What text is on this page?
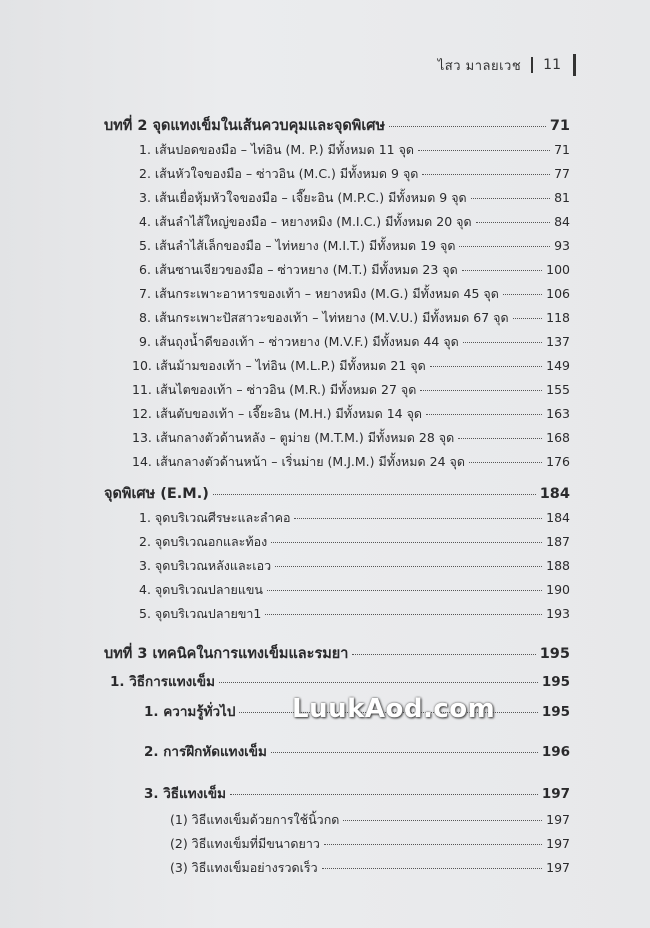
ไสว มาลยเวช 11
บทที่ 2 จุดแทงเข็มในเส้นควบคุมและจุดพิเศษ	71
1. เส้นปอดของมือ – ไท่อิน (M. P.) มีทั้งหมด 11 จุด	71
2. เส้นหัวใจของมือ – ซ่าวอิน (M.C.) มีทั้งหมด 9 จุด	77
3. เส้นเยื่อหุ้มหัวใจของมือ – เจี๊ยะอิน (M.P.C.) มีทั้งหมด 9 จุด	81
4. เส้นลำไส้ใหญ่ของมือ – หยางหมิง (M.I.C.) มีทั้งหมด 20 จุด	84
5. เส้นลำไส้เล็กของมือ – ไท่หยาง (M.I.T.) มีทั้งหมด 19 จุด	93
6. เส้นซานเจียวของมือ – ซ่าวหยาง (M.T.) มีทั้งหมด 23 จุด	100
7. เส้นกระเพาะอาหารของเท้า – หยางหมิง (M.G.) มีทั้งหมด 45 จุด	106
8. เส้นกระเพาะปัสสาวะของเท้า – ไท่หยาง (M.V.U.) มีทั้งหมด 67 จุด	118
9. เส้นถุงน้ำดีของเท้า – ซ่าวหยาง (M.V.F.) มีทั้งหมด 44 จุด	137
10. เส้นม้ามของเท้า – ไท่อิน (M.L.P.) มีทั้งหมด 21 จุด	149
11. เส้นไตของเท้า – ซ่าวอิน (M.R.) มีทั้งหมด 27 จุด	155
12. เส้นตับของเท้า – เจี๊ยะอิน (M.H.) มีทั้งหมด 14 จุด	163
13. เส้นกลางตัวด้านหลัง – ตูม่าย (M.T.M.) มีทั้งหมด 28 จุด	168
14. เส้นกลางตัวด้านหน้า – เริ่นม่าย (M.J.M.) มีทั้งหมด 24 จุด	176
จุดพิเศษ (E.M.)	184
1. จุดบริเวณศีรษะและลำคอ	184
2. จุดบริเวณอกและท้อง	187
3. จุดบริเวณหลังและเอว	188
4. จุดบริเวณปลายแขน	190
5. จุดบริเวณปลายขา1	193
บทที่ 3 เทคนิคในการแทงเข็มและรมยา	195
1. วิธีการแทงเข็ม	195
1. ความรู้ทั่วไป	195
2. การฝึกหัดแทงเข็ม	196
3. วิธีแทงเข็ม	197
(1) วิธีแทงเข็มด้วยการใช้นิ้วกด	197
(2) วิธีแทงเข็มที่มีขนาดยาว	197
(3) วิธีแทงเข็มอย่างรวดเร็ว	197
LuukAod.com
